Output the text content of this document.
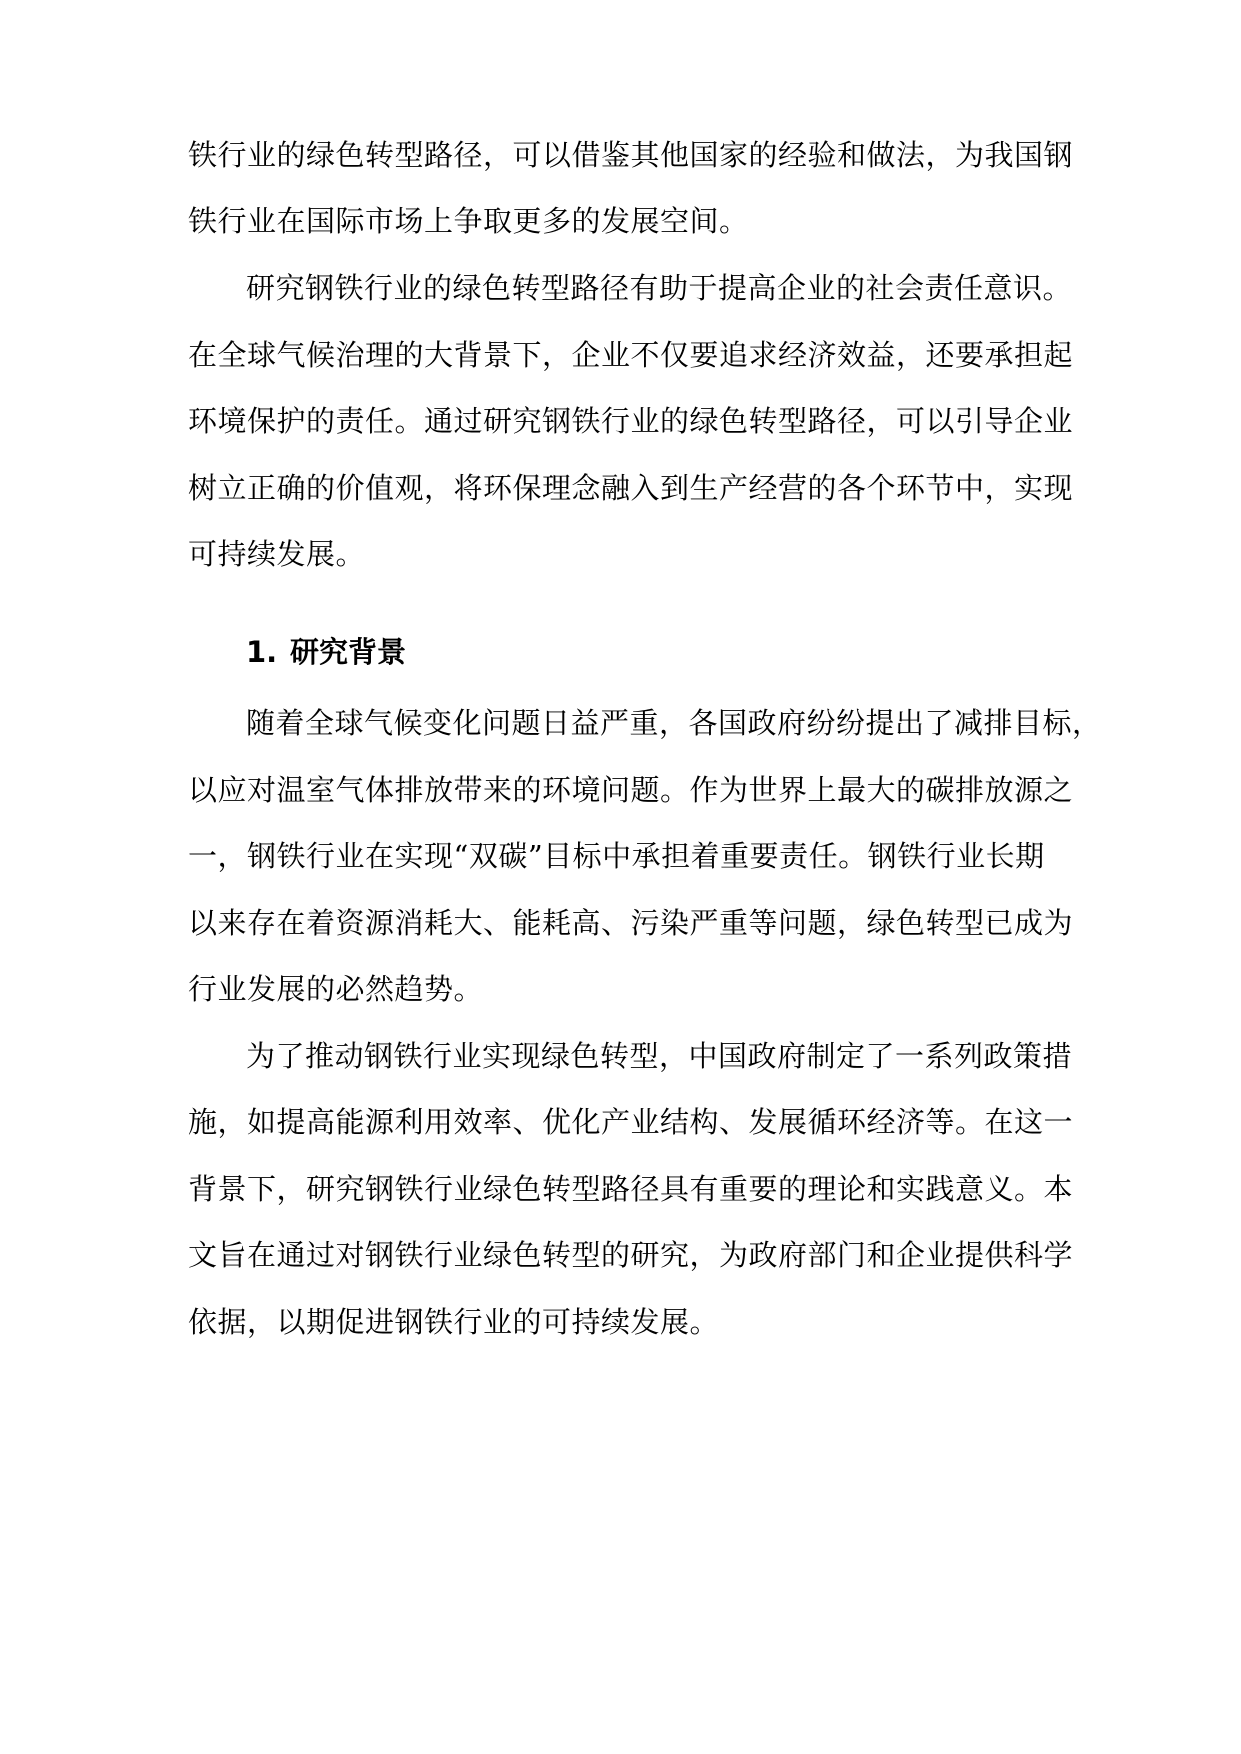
铁行业的绿色转型路径，可以借鉴其他国家的经验和做法，为我国钢
铁行业在国际市场上争取更多的发展空间。
研究钢铁行业的绿色转型路径有助于提高企业的社会责任意识。
在全球气候治理的大背景下，企业不仅要追求经济效益，还要承担起
环境保护的责任。通过研究钢铁行业的绿色转型路径，可以引导企业
树立正确的价值观，将环保理念融入到生产经营的各个环节中，实现
可持续发展。
1. 研究背景
随着全球气候变化问题日益严重，各国政府纷纷提出了减排目标，
以应对温室气体排放带来的环境问题。作为世界上最大的碳排放源之
一，钢铁行业在实现“双碳”目标中承担着重要责任。钢铁行业长期
以来存在着资源消耗大、能耗高、污染严重等问题，绿色转型已成为
行业发展的必然趋势。
为了推动钢铁行业实现绿色转型，中国政府制定了一系列政策措
施，如提高能源利用效率、优化产业结构、发展循环经济等。在这一
背景下，研究钢铁行业绿色转型路径具有重要的理论和实践意义。本
文旨在通过对钢铁行业绿色转型的研究，为政府部门和企业提供科学
依据，以期促进钢铁行业的可持续发展。
